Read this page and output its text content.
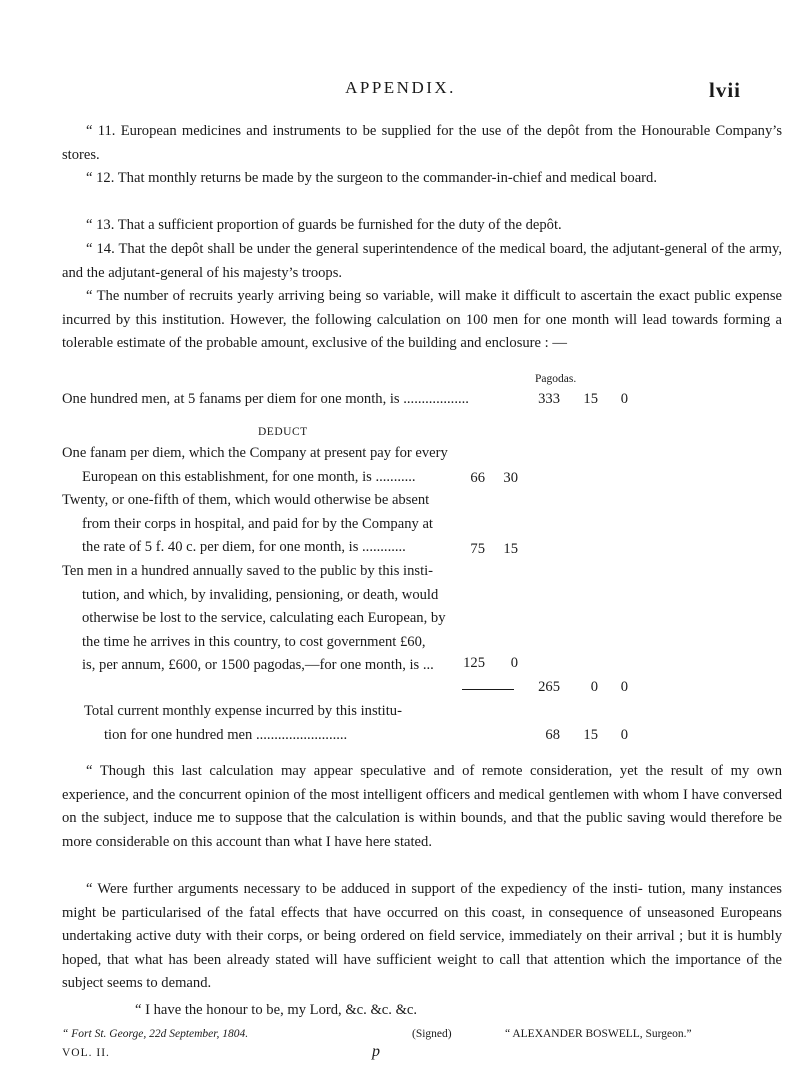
APPENDIX.	lvii
“ 11. European medicines and instruments to be supplied for the use of the depôt from the Honourable Company’s stores.
“ 12. That monthly returns be made by the surgeon to the commander-in-chief and medical board.
“ 13. That a sufficient proportion of guards be furnished for the duty of the depôt.
“ 14. That the depôt shall be under the general superintendence of the medical board, the adjutant-general of the army, and the adjutant-general of his majesty’s troops.
“ The number of recruits yearly arriving being so variable, will make it difficult to ascertain the exact public expense incurred by this institution. However, the following calculation on 100 men for one month will lead towards forming a tolerable estimate of the probable amount, exclusive of the building and enclosure : —
Pagodas.
One hundred men, at 5 fanams per diem for one month, is ..................	333	15	0
DEDUCT
One fanam per diem, which the Company at present pay for every
European on this establishment, for one month, is ...........	66	30
Twenty, or one-fifth of them, which would otherwise be absent
from their corps in hospital, and paid for by the Company at
the rate of 5 f. 40 c. per diem, for one month, is ............	75	15
Ten men in a hundred annually saved to the public by this insti-
tution, and which, by invaliding, pensioning, or death, would
otherwise be lost to the service, calculating each European, by
the time he arrives in this country, to cost government £60,
is, per annum, £600, or 1500 pagodas,—for one month, is ...	125	0
265	0	0
Total current monthly expense incurred by this institu-
tion for one hundred men .........................	68	15	0
“ Though this last calculation may appear speculative and of remote consideration, yet the result of my own experience, and the concurrent opinion of the most intelligent officers and medical gentlemen with whom I have conversed on the subject, induce me to suppose that the calculation is within bounds, and that the public saving would therefore be more considerable on this account than what I have here stated.
“ Were further arguments necessary to be adduced in support of the expediency of the insti- tution, many instances might be particularised of the fatal effects that have occurred on this coast, in consequence of unseasoned Europeans undertaking active duty with their corps, or being ordered on field service, immediately on their arrival ; but it is humbly hoped, that what has been already stated will have sufficient weight to call that attention which the importance of the subject seems to demand.
“ I have the honour to be, my Lord, &c. &c. &c.
“ Fort St. George, 22d September, 1804.	(Signed)	“ ALEXANDER BOSWELL, Surgeon.”
VOL. II.	p
